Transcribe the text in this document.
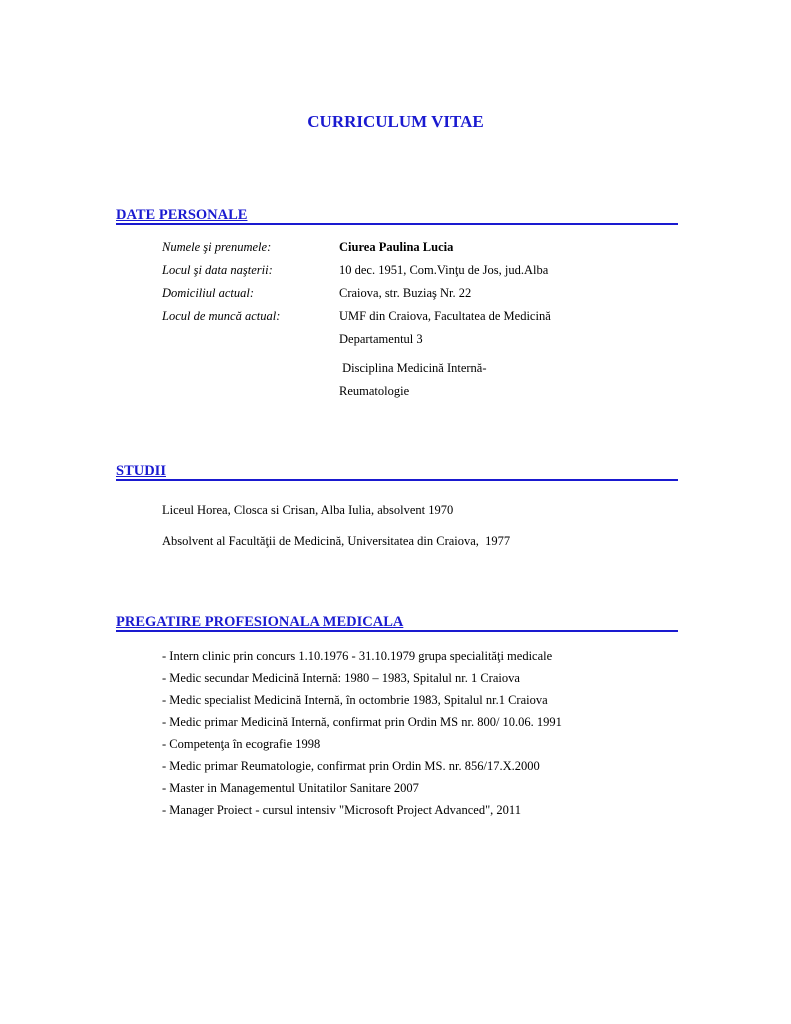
CURRICULUM VITAE
DATE PERSONALE
Numele şi prenumele:	Ciurea Paulina Lucia
Locul şi data naşterii:	10 dec. 1951, Com.Vinţu de Jos, jud.Alba
Domiciliul actual:	Craiova, str. Buziaş Nr. 22
Locul de muncă actual:	UMF din Craiova, Facultatea de Medicină
Departamentul 3
Disciplina Medicină Internă-
Reumatologie
STUDII
Liceul Horea, Closca si Crisan, Alba Iulia, absolvent 1970
Absolvent al Facultăţii de Medicină, Universitatea din Craiova,  1977
PREGATIRE PROFESIONALA MEDICALA
- Intern clinic prin concurs 1.10.1976 - 31.10.1979 grupa specialităţi medicale
- Medic secundar Medicină Internă: 1980 – 1983, Spitalul nr. 1 Craiova
- Medic specialist Medicină Internă, în octombrie 1983, Spitalul nr.1 Craiova
- Medic primar Medicină Internă, confirmat prin Ordin MS nr. 800/ 10.06. 1991
- Competenţa în ecografie 1998
- Medic primar Reumatologie, confirmat prin Ordin MS. nr. 856/17.X.2000
- Master in Managementul Unitatilor Sanitare 2007
- Manager Proiect - cursul intensiv "Microsoft Project Advanced", 2011
